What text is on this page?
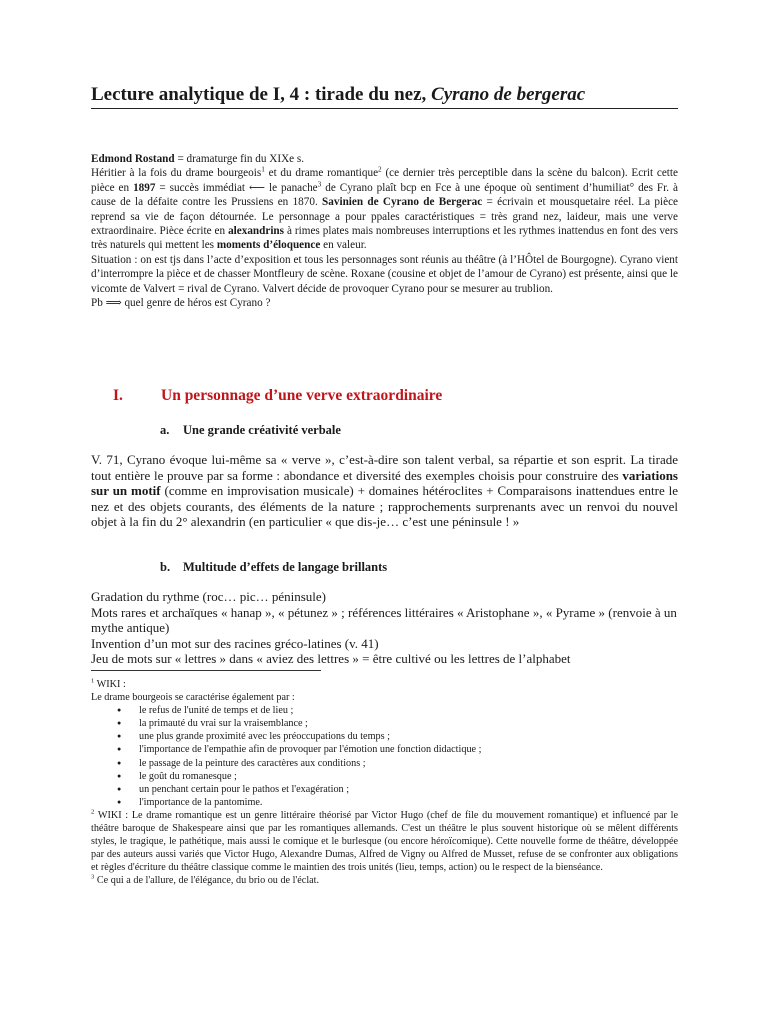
Lecture analytique de I, 4 : tirade du nez, Cyrano de bergerac

Edmond Rostand = dramaturge fin du XIXe s.

Héritier à la fois du drame bourgeois$^1$ et du drame romantique$^2$ (ce dernier très perceptible dans la scène du balcon). Ecrit cette pièce en 1897 = succès immédiat ⟵ le panache$^3$ de Cyrano plaît bcp en Fce à une époque où sentiment d’humiliat° des Fr. à cause de la défaite contre les Prussiens en 1870. Savinien de Cyrano de Bergerac = écrivain et mousquetaire réel. La pièce reprend sa vie de façon détournée. Le personnage a pour ppales caractéristiques = très grand nez, laideur, mais une verve extraordinaire. Pièce écrite en alexandrins à rimes plates mais nombreuses interruptions et les rythmes inattendus en font des vers très naturels qui mettent les moments d’éloquence en valeur.

Situation : on est tjs dans l’acte d’exposition et tous les personnages sont réunis au théâtre (à l’HÔtel de Bourgogne). Cyrano vient d’interrompre la pièce et de chasser Montfleury de scène. Roxane (cousine et objet de l’amour de Cyrano) est présente, ainsi que le vicomte de Valvert = rival de Cyrano. Valvert décide de provoquer Cyrano pour se mesurer au trublion.

Pb ⟹ quel genre de héros est Cyrano ?

I. Un personnage d’une verve extraordinaire
a. Une grande créativité verbale

V. 71, Cyrano évoque lui-même sa « verve », c’est-à-dire son talent verbal, sa répartie et son esprit. La tirade tout entière le prouve par sa forme : abondance et diversité des exemples choisis pour construire des variations sur un motif (comme en improvisation musicale) + domaines hétéroclites + Comparaisons inattendues entre le nez et des objets courants, des éléments de la nature ; rapprochements surprenants avec un renvoi du nouvel objet à la fin du 2° alexandrin (en particulier « que dis-je… c’est une péninsule ! »

b. Multitude d’effets de langage brillants

Gradation du rythme (roc… pic… péninsule)

Mots rares et archaïques « hanap », « pétunez » ; références littéraires « Aristophane », « Pyrame » (renvoie à un mythe antique)

Invention d’un mot sur des racines gréco-latines (v. 41)

Jeu de mots sur « lettres » dans « aviez des lettres » = être cultivé ou les lettres de l’alphabet

$^1$ WIKI :

Le drame bourgeois se caractérise également par :

● le refus de l'unité de temps et de lieu ;
● la primauté du vrai sur la vraisemblance ;
● une plus grande proximité avec les préoccupations du temps ;
● l'importance de l'empathie afin de provoquer par l'émotion une fonction didactique ;
● le passage de la peinture des caractères aux conditions ;
● le goût du romanesque ;
● un penchant certain pour le pathos et l'exagération ;
● l'importance de la pantomime.

$^2$ WIKI : Le drame romantique est un genre littéraire théorisé par Victor Hugo (chef de file du mouvement romantique) et influencé par le théâtre baroque de Shakespeare ainsi que par les romantiques allemands. C'est un théâtre le plus souvent historique où se mêlent différents styles, le tragique, le pathétique, mais aussi le comique et le burlesque (ou encore héroïcomique). Cette nouvelle forme de théâtre, développée par des auteurs aussi variés que Victor Hugo, Alexandre Dumas, Alfred de Vigny ou Alfred de Musset, refuse de se confronter aux obligations et règles d'écriture du théâtre classique comme le maintien des trois unités (lieu, temps, action) ou le respect de la bienséance.

$^3$ Ce qui a de l'allure, de l'élégance, du brio ou de l'éclat.
